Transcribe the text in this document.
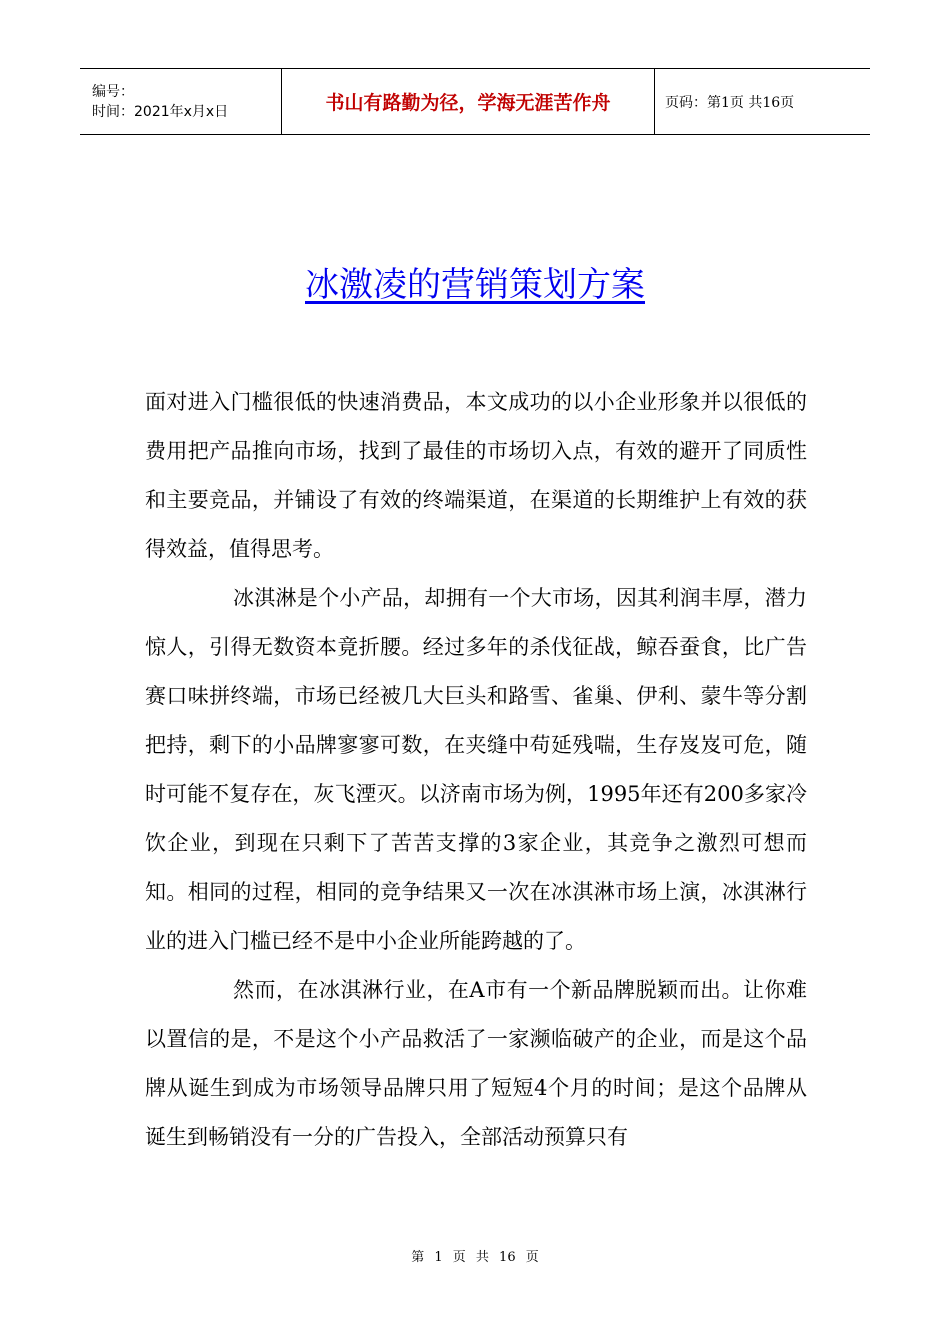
编号：
时间：2021年x月x日	书山有路勤为径，学海无涯苦作舟	页码：第1页 共16页
冰激凌的营销策划方案

面对进入门槛很低的快速消费品，本文成功的以小企业形象并以很低的费用把产品推向市场，找到了最佳的市场切入点，有效的避开了同质性和主要竞品，并铺设了有效的终端渠道，在渠道的长期维护上有效的获得效益，值得思考。

冰淇淋是个小产品，却拥有一个大市场，因其利润丰厚，潜力惊人，引得无数资本竟折腰。经过多年的杀伐征战，鲸吞蚕食，比广告赛口味拼终端，市场已经被几大巨头和路雪、雀巢、伊利、蒙牛等分割把持，剩下的小品牌寥寥可数，在夹缝中苟延残喘，生存岌岌可危，随时可能不复存在，灰飞湮灭。以济南市场为例，1995年还有200多家冷饮企业，到现在只剩下了苦苦支撑的3家企业，其竞争之激烈可想而知。相同的过程，相同的竞争结果又一次在冰淇淋市场上演，冰淇淋行业的进入门槛已经不是中小企业所能跨越的了。

然而，在冰淇淋行业，在A市有一个新品牌脱颖而出。让你难以置信的是，不是这个小产品救活了一家濒临破产的企业，而是这个品牌从诞生到成为市场领导品牌只用了短短4个月的时间；是这个品牌从诞生到畅销没有一分的广告投入，全部活动预算只有

第 1 页 共 16 页
